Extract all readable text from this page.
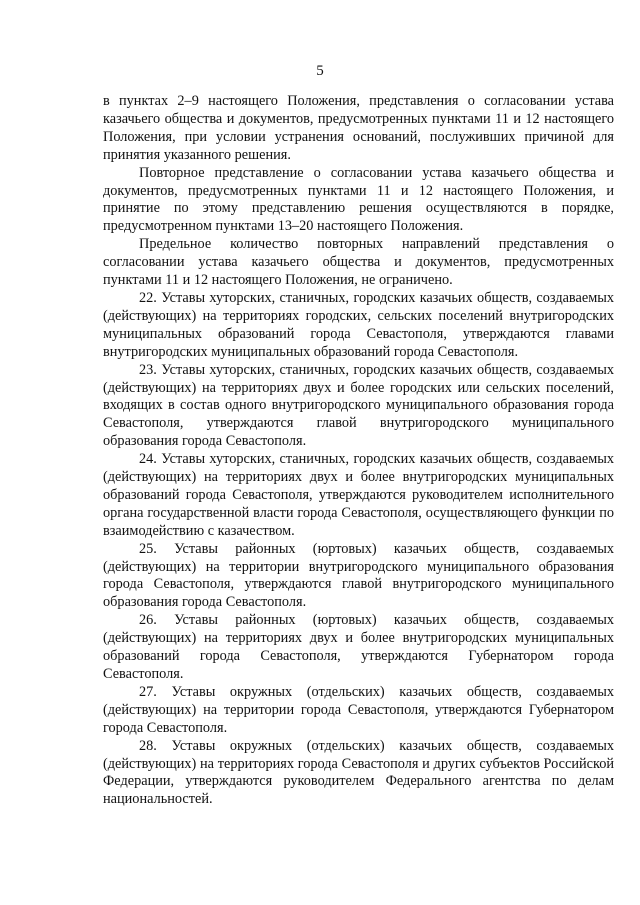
5

в пунктах 2–9 настоящего Положения, представления о согласовании устава казачьего общества и документов, предусмотренных пунктами 11 и 12 настоящего Положения, при условии устранения оснований, послуживших причиной для принятия указанного решения.

Повторное представление о согласовании устава казачьего общества и документов, предусмотренных пунктами 11 и 12 настоящего Положения, и принятие по этому представлению решения осуществляются в порядке, предусмотренном пунктами 13–20 настоящего Положения.

Предельное количество повторных направлений представления о согласовании устава казачьего общества и документов, предусмотренных пунктами 11 и 12 настоящего Положения, не ограничено.

22. Уставы хуторских, станичных, городских казачьих обществ, создаваемых (действующих) на территориях городских, сельских поселений внутригородских муниципальных образований города Севастополя, утверждаются главами внутригородских муниципальных образований города Севастополя.

23. Уставы хуторских, станичных, городских казачьих обществ, создаваемых (действующих) на территориях двух и более городских или сельских поселений, входящих в состав одного внутригородского муниципального образования города Севастополя, утверждаются главой внутригородского муниципального образования города Севастополя.

24. Уставы хуторских, станичных, городских казачьих обществ, создаваемых (действующих) на территориях двух и более внутригородских муниципальных образований города Севастополя, утверждаются руководителем исполнительного органа государственной власти города Севастополя, осуществляющего функции по взаимодействию с казачеством.

25. Уставы районных (юртовых) казачьих обществ, создаваемых (действующих) на территории внутригородского муниципального образования города Севастополя, утверждаются главой внутригородского муниципального образования города Севастополя.

26. Уставы районных (юртовых) казачьих обществ, создаваемых (действующих) на территориях двух и более внутригородских муниципальных образований города Севастополя, утверждаются Губернатором города Севастополя.

27. Уставы окружных (отдельских) казачьих обществ, создаваемых (действующих) на территории города Севастополя, утверждаются Губернатором города Севастополя.

28. Уставы окружных (отдельских) казачьих обществ, создаваемых (действующих) на территориях города Севастополя и других субъектов Российской Федерации, утверждаются руководителем Федерального агентства по делам национальностей.
